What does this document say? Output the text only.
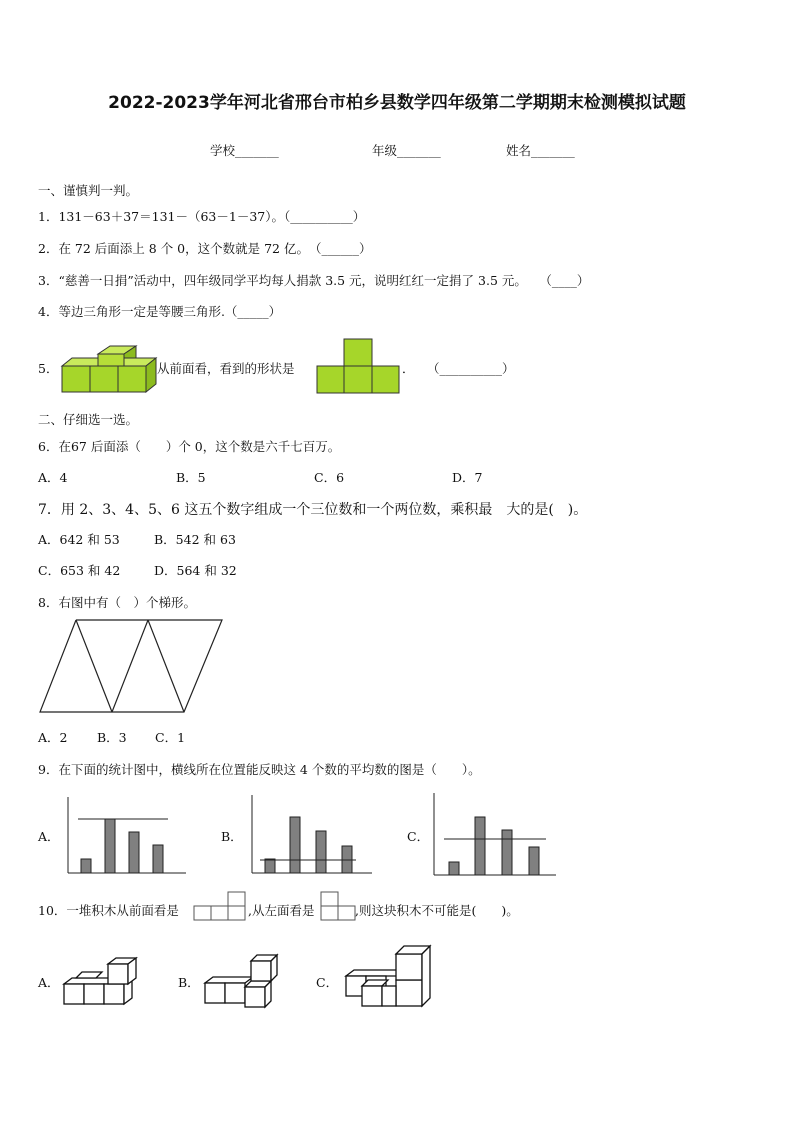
2022-2023学年河北省邢台市柏乡县数学四年级第二学期期末检测模拟试题
学校_______	年级_______	姓名_______
一、谨慎判一判。
1．131－63＋37＝131－（63－1－37）。（__________）
2．在 72 后面添上 8 个 0，这个数就是 72 亿。　（______）
3．“慈善一日捐”活动中，四年级同学平均每人捐款 3.5 元，说明红红一定捐了 3.5 元。　　（____）
4．等边三角形一定是等腰三角形.（_____）
5．	从前面看，看到的形状是	．　　（__________）
二、仔细选一选。
6．在67 后面添（　　）个 0，这个数是六千七百万。
A．4	B．5	C．6	D．7
7．用 2、3、4、5、6 这五个数字组成一个三位数和一个两位数，乘积最　大的是(　)。
A．642 和 53	B．542 和 63
C．653 和 42	D．564 和 32
8．右图中有（　）个梯形。
A．2 B．3 C．1
9．在下面的统计图中，横线所在位置能反映这 4 个数的平均数的图是（　　）。
A．	B．	C．
10．一堆积木从前面看是	,从左面看是	,则这块积木不可能是(　　)。
A．	B．	C．
